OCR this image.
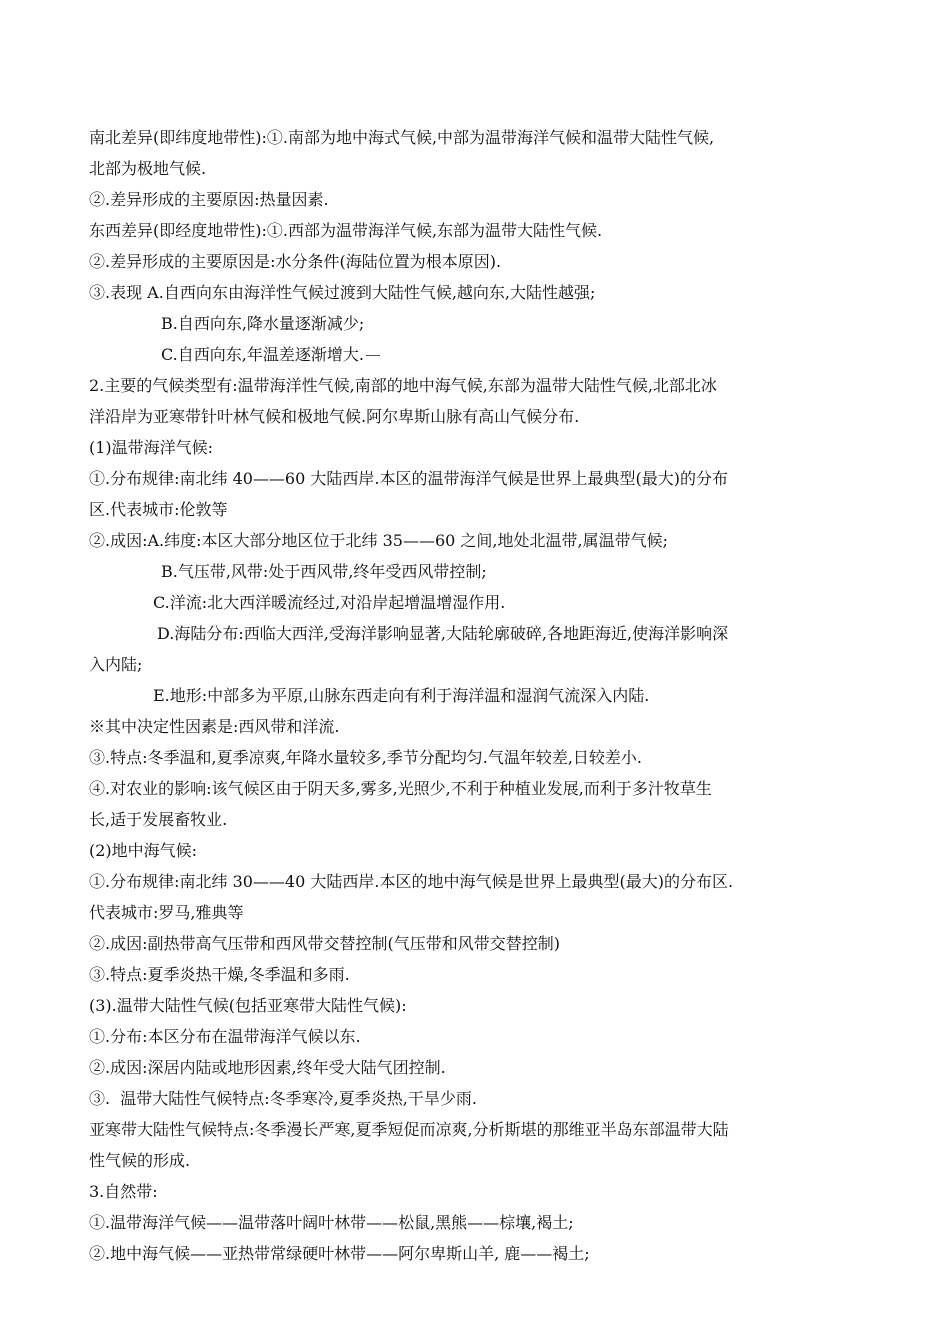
南北差异(即纬度地带性):①.南部为地中海式气候,中部为温带海洋气候和温带大陆性气候,
北部为极地气候.
②.差异形成的主要原因:热量因素.
东西差异(即经度地带性):①.西部为温带海洋气候,东部为温带大陆性气候.
②.差异形成的主要原因是:水分条件(海陆位置为根本原因).
③.表现 A.自西向东由海洋性气候过渡到大陆性气候,越向东,大陆性越强;
B.自西向东,降水量逐渐减少;
C.自西向东,年温差逐渐增大.
2.主要的气候类型有:温带海洋性气候,南部的地中海气候,东部为温带大陆性气候,北部北冰
洋沿岸为亚寒带针叶林气候和极地气候.阿尔卑斯山脉有高山气候分布.
(1)温带海洋气候:
①.分布规律:南北纬 40——60 大陆西岸.本区的温带海洋气候是世界上最典型(最大)的分布
区.代表城市:伦敦等
②.成因:A.纬度:本区大部分地区位于北纬 35——60 之间,地处北温带,属温带气候;
B.气压带,风带:处于西风带,终年受西风带控制;
C.洋流:北大西洋暖流经过,对沿岸起增温增湿作用.
D.海陆分布:西临大西洋,受海洋影响显著,大陆轮廓破碎,各地距海近,使海洋影响深
入内陆;
E.地形:中部多为平原,山脉东西走向有利于海洋温和湿润气流深入内陆.
※其中决定性因素是:西风带和洋流.
③.特点:冬季温和,夏季凉爽,年降水量较多,季节分配均匀.气温年较差,日较差小.
④.对农业的影响:该气候区由于阴天多,雾多,光照少,不利于种植业发展,而利于多汁牧草生
长,适于发展畜牧业.
(2)地中海气候:
①.分布规律:南北纬 30——40 大陆西岸.本区的地中海气候是世界上最典型(最大)的分布区.
代表城市:罗马,雅典等
②.成因:副热带高气压带和西风带交替控制(气压带和风带交替控制)
③.特点:夏季炎热干燥,冬季温和多雨.
(3).温带大陆性气候(包括亚寒带大陆性气候):
①.分布:本区分布在温带海洋气候以东.
②.成因:深居内陆或地形因素,终年受大陆气团控制.
③.  温带大陆性气候特点:冬季寒冷,夏季炎热,干旱少雨.
亚寒带大陆性气候特点:冬季漫长严寒,夏季短促而凉爽,分析斯堪的那维亚半岛东部温带大陆
性气候的形成.
3.自然带:
①.温带海洋气候——温带落叶阔叶林带——松鼠,黑熊——棕壤,褐土;
②.地中海气候——亚热带常绿硬叶林带——阿尔卑斯山羊, 鹿——褐土;
